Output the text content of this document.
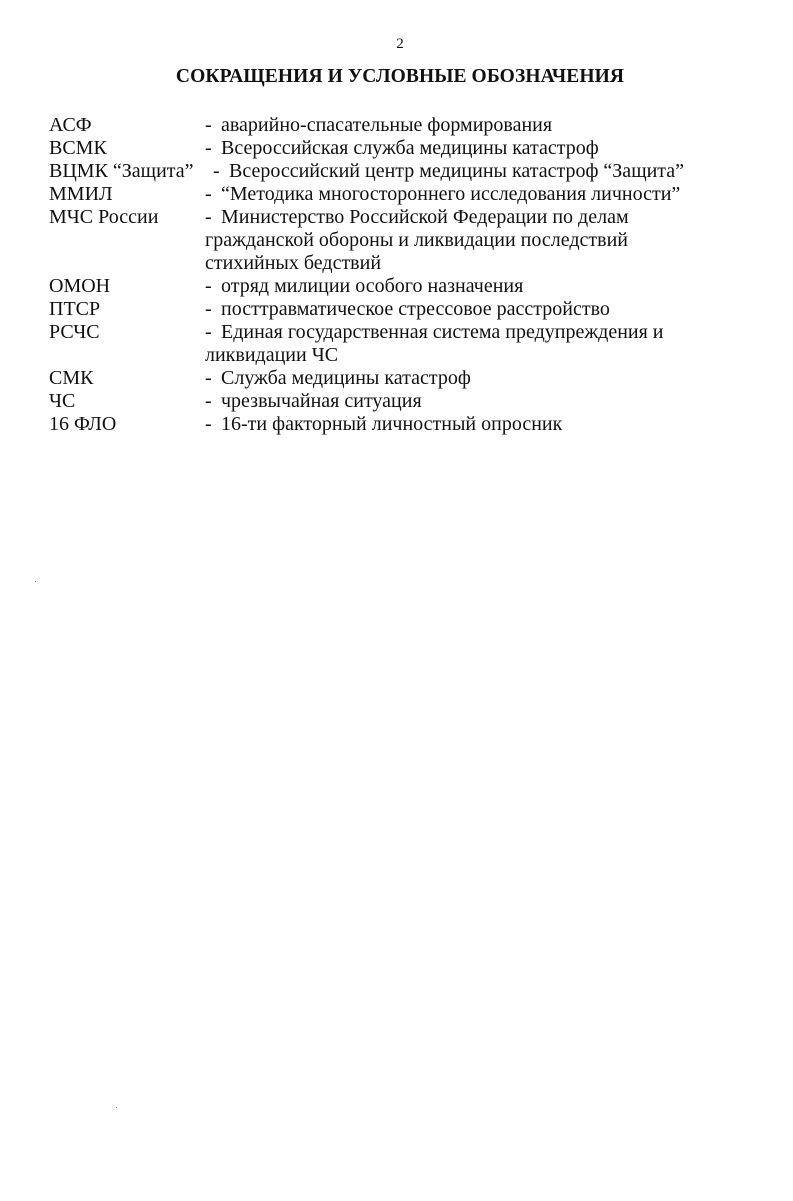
2
СОКРАЩЕНИЯ И УСЛОВНЫЕ ОБОЗНАЧЕНИЯ
АСФ	- аварийно-спасательные формирования
ВСМК	- Всероссийская служба медицины катастроф
ВЦМК “Защита” - Всероссийский центр медицины катастроф “Защита”
ММИЛ	- “Методика многостороннего исследования личности”
МЧС России - Министерство Российской Федерации по делам
гражданской обороны и ликвидации последствий
стихийных бедствий
ОМОН	- отряд милиции особого назначения
ПТСР	- посттравматическое стрессовое расстройство
РСЧС	- Единая государственная система предупреждения и
ликвидации ЧС
СМК	- Служба медицины катастроф
ЧС	- чрезвычайная ситуация
16 ФЛО	- 16-ти факторный личностный опросник
